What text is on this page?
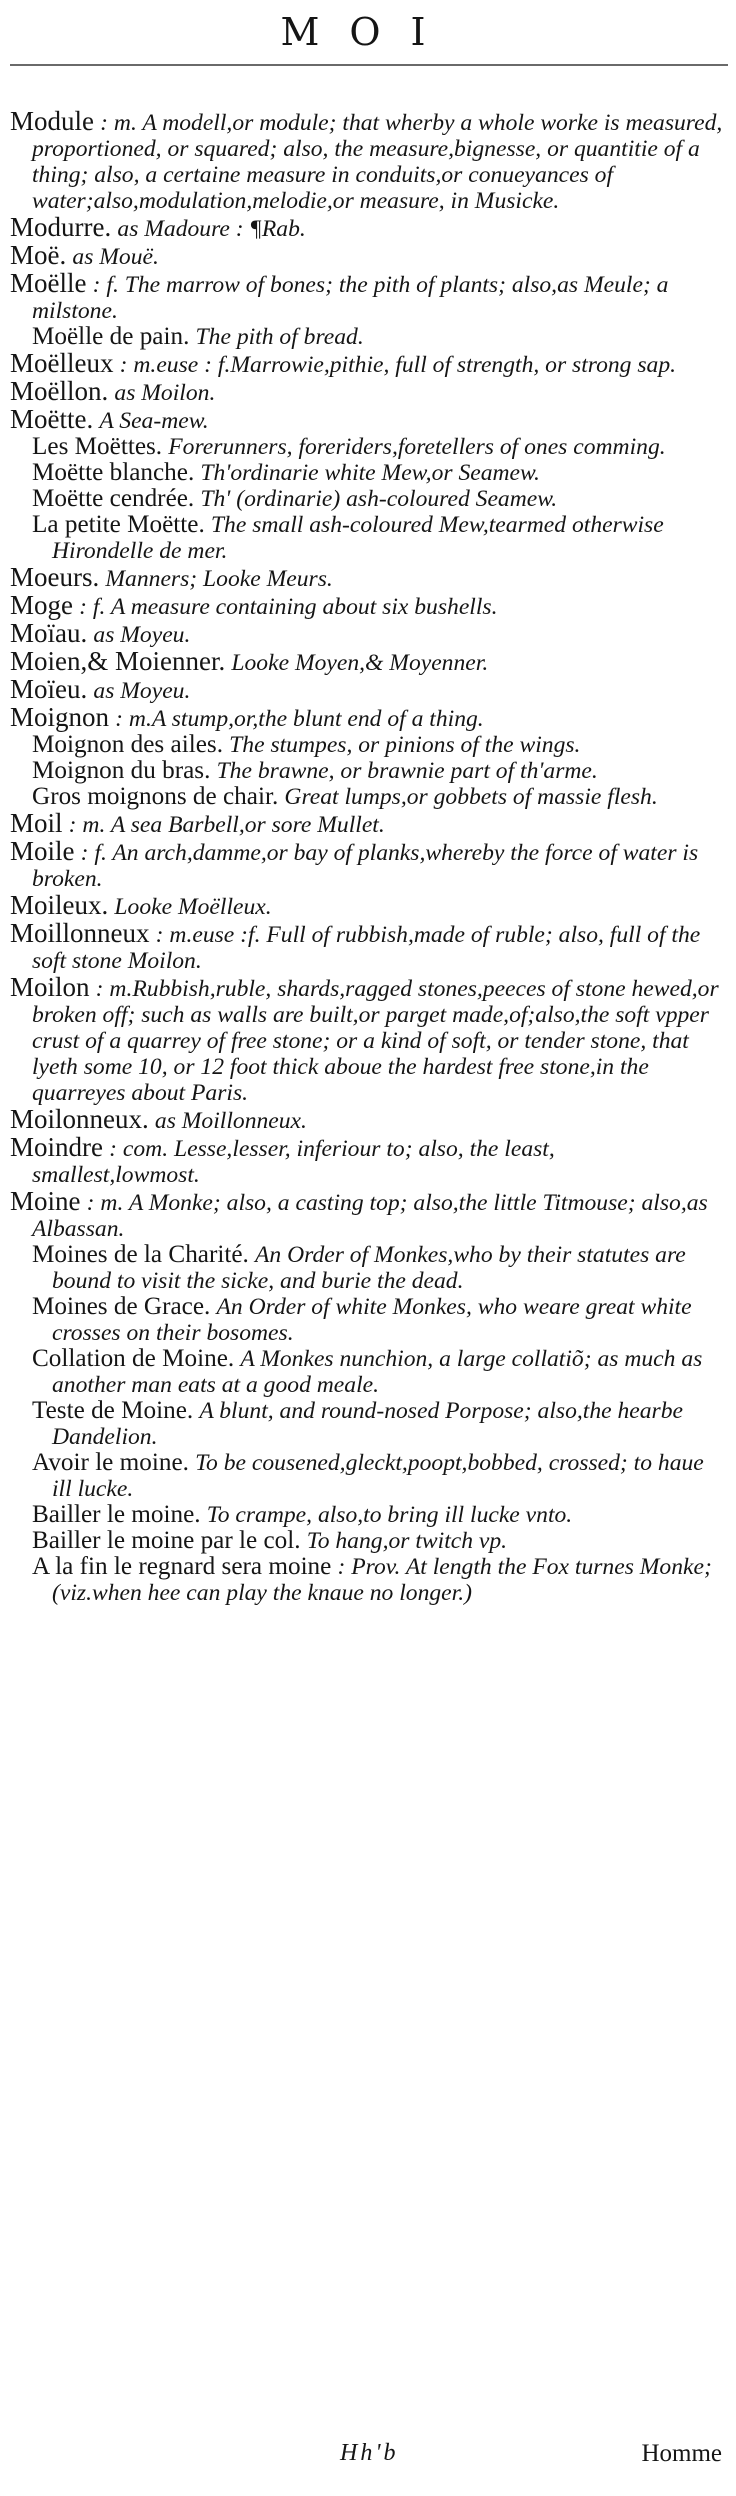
MOI

Module : m. A modell,or module; that wherby a whole worke is measured, proportioned, or squared; also, the measure,bignesse, or quantitie of a thing; also, a certaine measure in conduits,or conueyances of water;also,modulation,melodie,or measure, in Musicke.

Modurre. as Madoure : ¶Rab.

Moë. as Mouë.

Moëlle : f. The marrow of bones; the pith of plants; also,as Meule; a milstone.

Moëlle de pain. The pith of bread.

Moëlleux : m.euse : f.Marrowie,pithie, full of strength, or strong sap.

Moëllon. as Moilon.

Moëtte. A Sea-mew.

Les Moëttes. Forerunners, foreriders,foretellers of ones comming.

Moëtte blanche. Th'ordinarie white Mew,or Seamew.

Moëtte cendrée. Th' (ordinarie) ash-coloured Seamew.

La petite Moëtte. The small ash-coloured Mew,tearmed otherwise Hirondelle de mer.

Moeurs. Manners; Looke Meurs.

Moge : f. A measure containing about six bushells.

Moïau. as Moyeu.

Moien,& Moienner. Looke Moyen,& Moyenner.

Moïeu. as Moyeu.

Moignon : m.A stump,or,the blunt end of a thing.

Moignon des ailes. The stumpes, or pinions of the wings.

Moignon du bras. The brawne, or brawnie part of th'arme.

Gros moignons de chair. Great lumps,or gobbets of massie flesh.

Moil : m. A sea Barbell,or sore Mullet.

Moile : f. An arch,damme,or bay of planks,whereby the force of water is broken.

Moileux. Looke Moëlleux.

Moillonneux : m.euse :f. Full of rubbish,made of ruble; also, full of the soft stone Moilon.

Moilon : m.Rubbish,ruble, shards,ragged stones,peeces of stone hewed,or broken off; such as walls are built,or parget made,of;also,the soft vpper crust of a quarrey of free stone; or a kind of soft, or tender stone, that lyeth some 10, or 12 foot thick aboue the hardest free stone,in the quarreyes about Paris.

Moilonneux. as Moillonneux.

Moindre : com. Lesse,lesser, inferiour to; also, the least, smallest,lowmost.

Moine : m. A Monke; also, a casting top; also,the little Titmouse; also,as Albassan.

Moines de la Charité. An Order of Monkes,who by their statutes are bound to visit the sicke, and burie the dead.

Moines de Grace. An Order of white Monkes, who weare great white crosses on their bosomes.

Collation de Moine. A Monkes nunchion, a large collatiõ; as much as another man eats at a good meale.

Teste de Moine. A blunt, and round-nosed Porpose; also,the hearbe Dandelion.

Avoir le moine. To be cousened,gleckt,poopt,bobbed, crossed; to haue ill lucke.

Bailler le moine. To crampe, also,to bring ill lucke vnto.

Bailler le moine par le col. To hang,or twitch vp.

A la fin le regnard sera moine : Prov. At length the Fox turnes Monke; (viz.when hee can play the knaue no longer.)

Hh'b	Homme
